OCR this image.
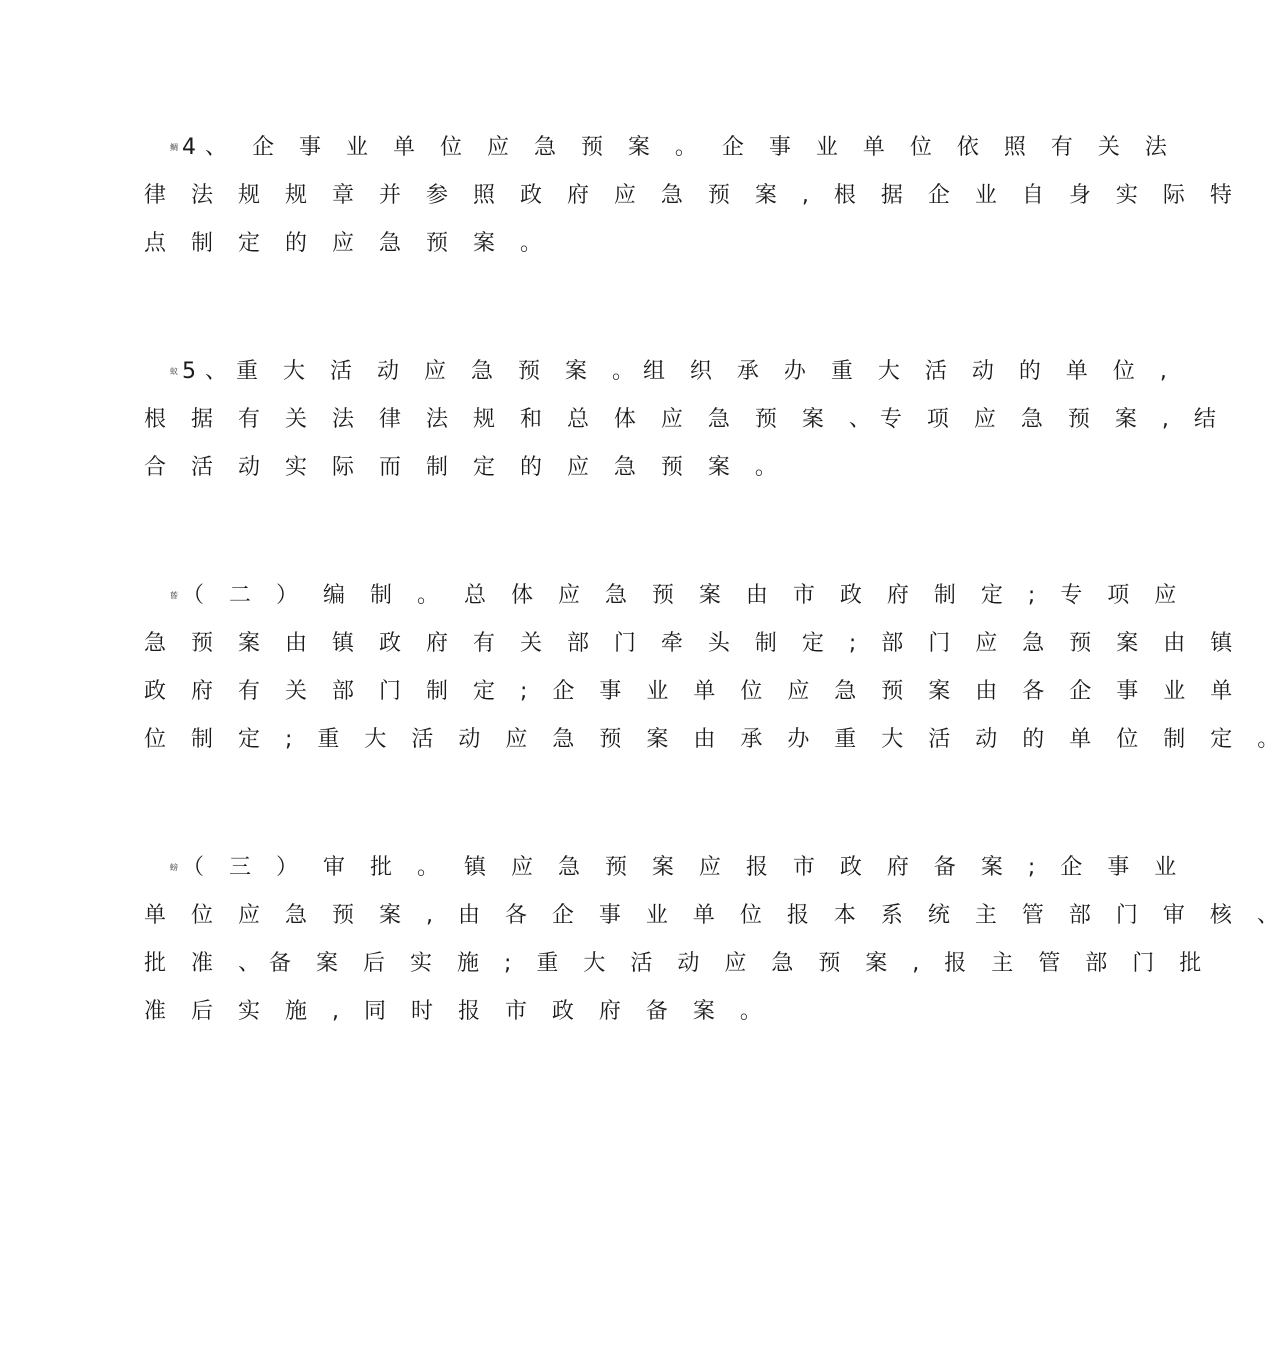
鲷 4、 企 事 业 单 位 应 急 预 案 。 企 事 业 单 位 依 照 有 关 法
律 法 规 规 章 并 参 照 政 府 应 急 预 案 , 根 据 企 业 自 身 实 际 特
点 制 定 的 应 急 预 案 。
蚁 5、重 大 活 动 应 急 预 案 。组 织 承 办 重 大 活 动 的 单 位 ,
根 据 有 关 法 律 法 规 和 总 体 应 急 预 案 、专 项 应 急 预 案 , 结
合 活 动 实 际 而 制 定 的 应 急 预 案 。
蒈 （ 二 ） 编 制 。 总 体 应 急 预 案 由 市 政 府 制 定 ; 专 项 应
急 预 案 由 镇 政 府 有 关 部 门 牵 头 制 定 ; 部 门 应 急 预 案 由 镇
政 府 有 关 部 门 制 定 ; 企 事 业 单 位 应 急 预 案 由 各 企 事 业 单
位 制 定 ; 重 大 活 动 应 急 预 案 由 承 办 重 大 活 动 的 单 位 制 定 。
螃 （ 三 ） 审 批 。 镇 应 急 预 案 应 报 市 政 府 备 案 ; 企 事 业
单 位 应 急 预 案 , 由 各 企 事 业 单 位 报 本 系 统 主 管 部 门 审 核 、
批 准 、备 案 后 实 施 ; 重 大 活 动 应 急 预 案 , 报 主 管 部 门 批
准 后 实 施 , 同 时 报 市 政 府 备 案 。
